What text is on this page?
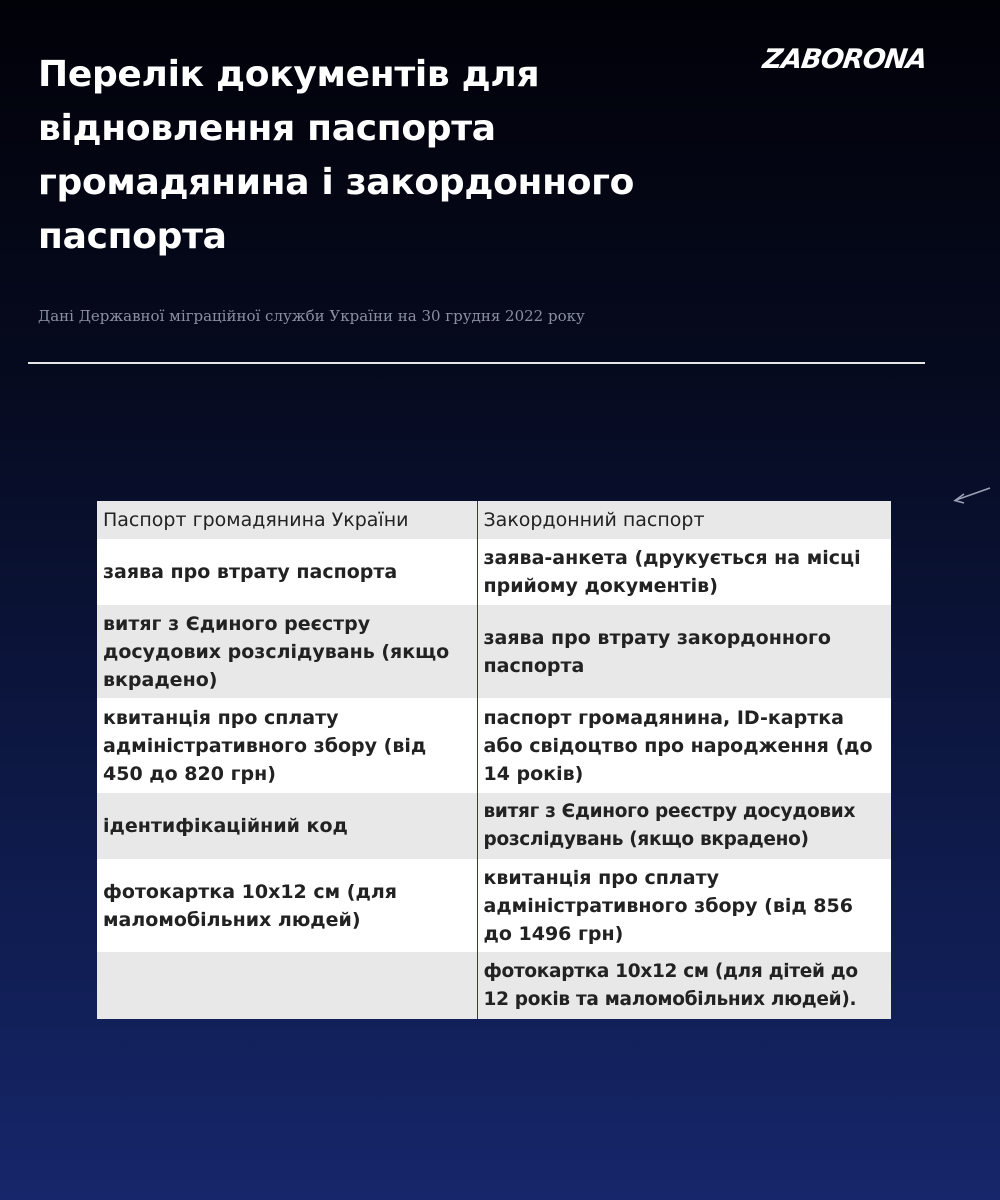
Перелік документів для відновлення паспорта громадянина і закордонного паспорта
ZABORONA

Дані Державної міграційної служби України на 30 грудня 2022 року

Паспорт громадянина України	Закордонний паспорт
заява про втрату паспорта	заява-анкета (друкується на місці прийому документів)
витяг з Єдиного реєстру досудових розслідувань (якщо вкрадено)	заява про втрату закордонного паспорта
квитанція про сплату адміністративного збору (від 450 до 820 грн)	паспорт громадянина, ID-картка або свідоцтво про народження (до 14 років)
ідентифікаційний код	витяг з Єдиного реєстру досудових розслідувань (якщо вкрадено)
фотокартка 10х12 см (для маломобільних людей)	квитанція про сплату адміністративного збору (від 856 до 1496 грн)
	фотокартка 10х12 см (для дітей до 12 років та маломобільних людей).
